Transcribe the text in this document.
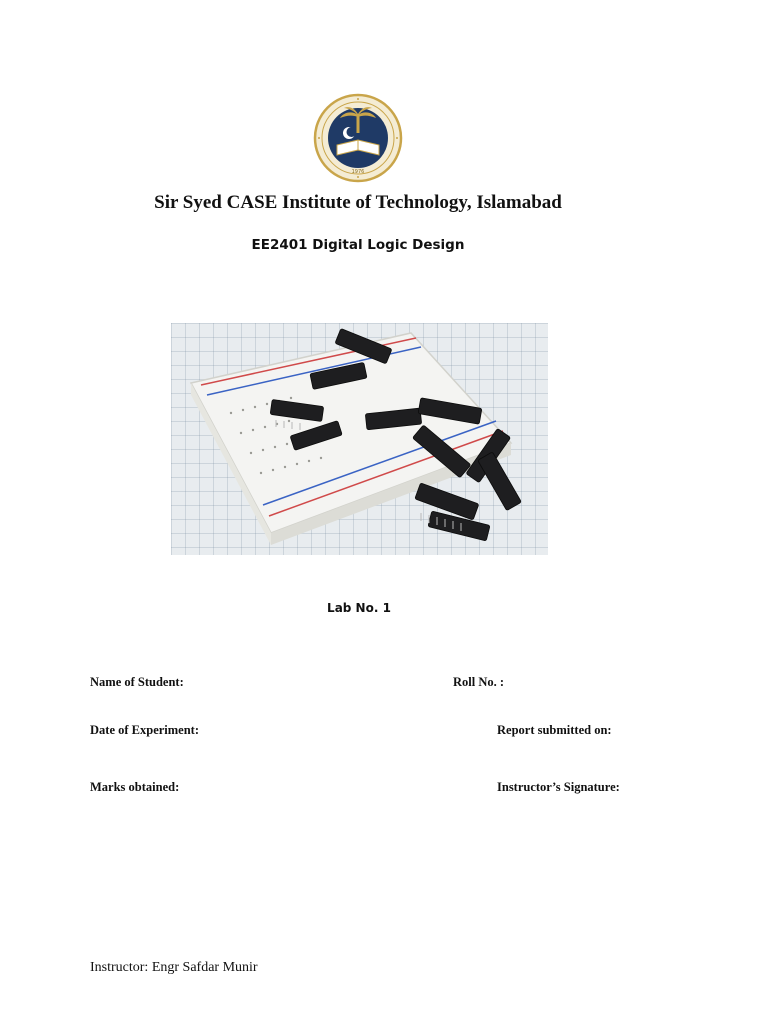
1976
Sir Syed CASE Institute of Technology, Islamabad
EE2401 Digital Logic Design
Lab No. 1
Name of Student:	Roll No. :
Date of Experiment:	Report submitted on:
Marks obtained:	Instructor’s Signature:
Instructor: Engr Safdar Munir
